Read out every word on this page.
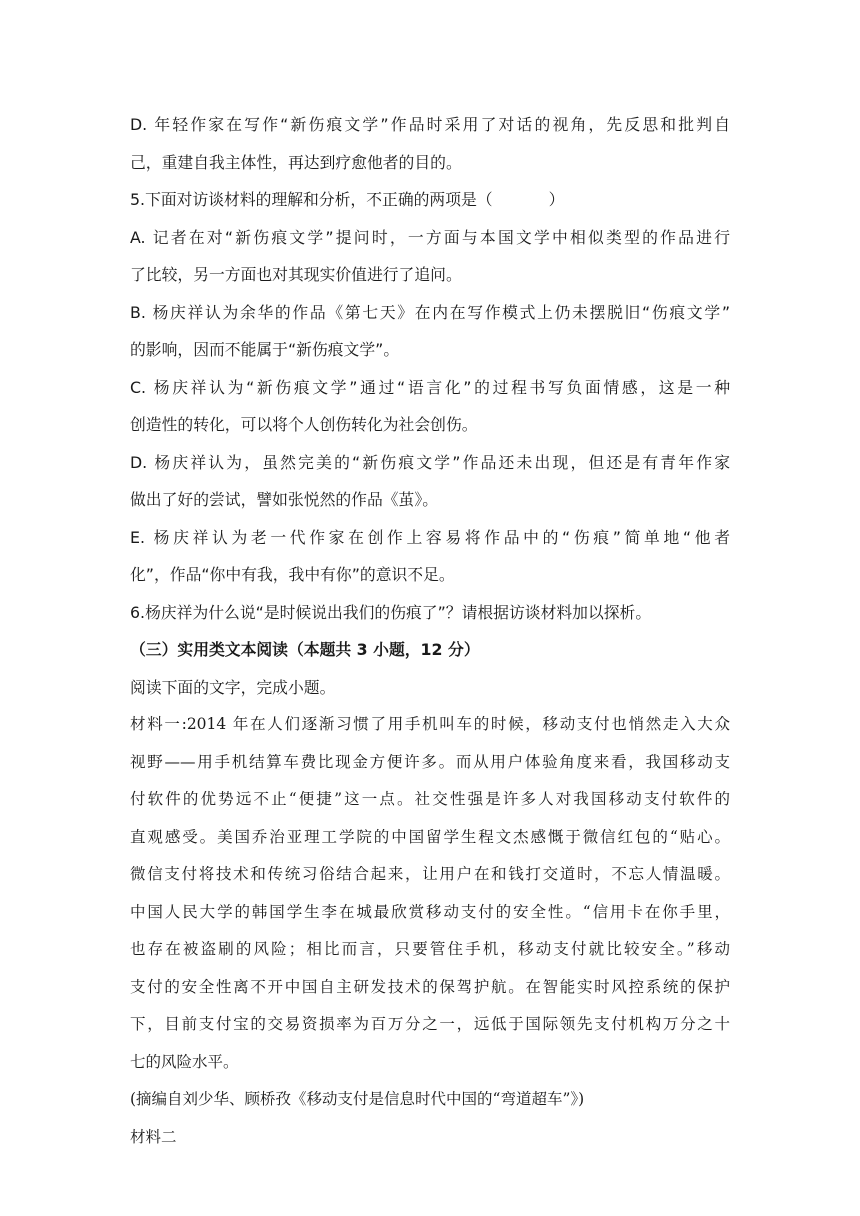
D. 年轻作家在写作“新伤痕文学”作品时采用了对话的视角，先反思和批判自
己，重建自我主体性，再达到疗愈他者的目的。
5.下面对访谈材料的理解和分析，不正确的两项是（	）
A. 记者在对“新伤痕文学”提问时，一方面与本国文学中相似类型的作品进行
了比较，另一方面也对其现实价值进行了追问。
B. 杨庆祥认为余华的作品《第七天》在内在写作模式上仍未摆脱旧“伤痕文学”
的影响，因而不能属于“新伤痕文学”。
C. 杨庆祥认为“新伤痕文学”通过“语言化”的过程书写负面情感，这是一种
创造性的转化，可以将个人创伤转化为社会创伤。
D. 杨庆祥认为，虽然完美的“新伤痕文学”作品还未出现，但还是有青年作家
做出了好的尝试，譬如张悦然的作品《茧》。
E. 杨庆祥认为老一代作家在创作上容易将作品中的“伤痕”简单地“他者
化”，作品“你中有我，我中有你”的意识不足。
6.杨庆祥为什么说“是时候说出我们的伤痕了”？请根据访谈材料加以探析。
（三）实用类文本阅读（本题共 3 小题，12 分）
阅读下面的文字，完成小题。
材料一:2014 年在人们逐渐习惯了用手机叫车的时候，移动支付也悄然走入大众
视野——用手机结算车费比现金方便许多。而从用户体验角度来看，我国移动支
付软件的优势远不止“便捷”这一点。社交性强是许多人对我国移动支付软件的
直观感受。美国乔治亚理工学院的中国留学生程文杰感慨于微信红包的“贴心。
微信支付将技术和传统习俗结合起来，让用户在和钱打交道时，不忘人情温暖。
中国人民大学的韩国学生李在城最欣赏移动支付的安全性。“信用卡在你手里，
也存在被盗刷的风险；相比而言，只要管住手机，移动支付就比较安全。”移动
支付的安全性离不开中国自主研发技术的保驾护航。在智能实时风控系统的保护
下，目前支付宝的交易资损率为百万分之一，远低于国际领先支付机构万分之十
七的风险水平。
(摘编自刘少华、顾桥孜《移动支付是信息时代中国的“弯道超车”》)
材料二
